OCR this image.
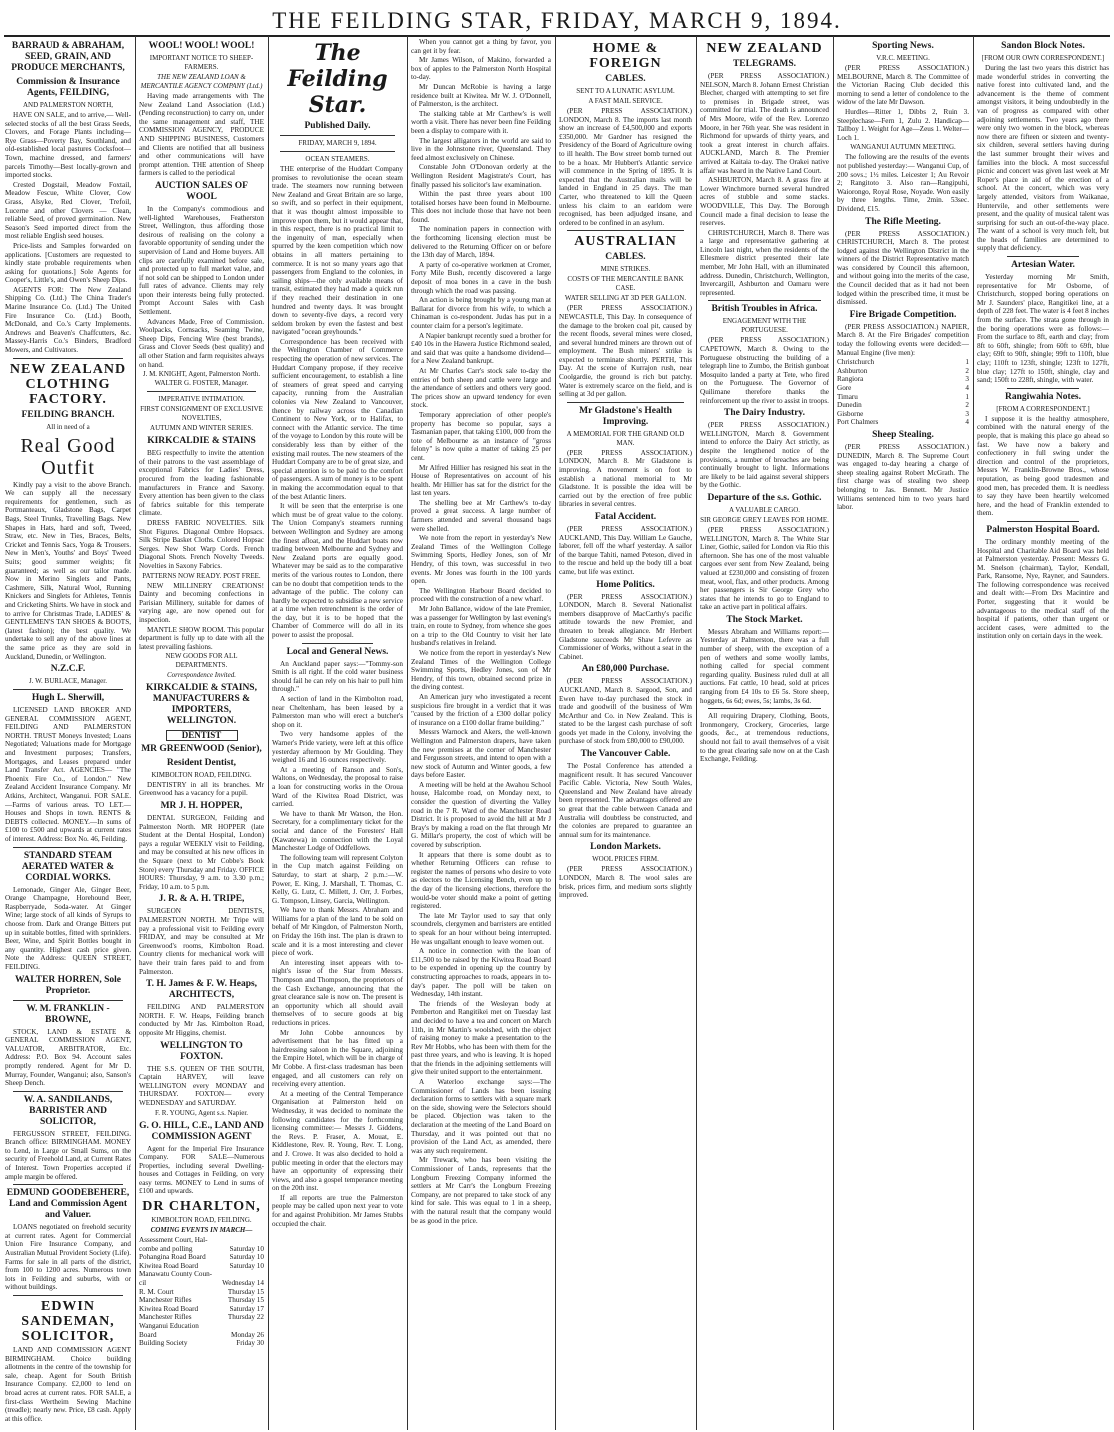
THE FEILDING STAR, FRIDAY, MARCH 9, 1894.
BARRAUD & ABRAHAM, SEED, GRAIN, AND PRODUCE MERCHANTS,
Commission & Insurance Agents, FEILDING,
AND PALMERSTON NORTH,
HAVE ON SALE, and to arrive,— Well-selected stocks of all the best Grass Seeds, Clovers, and Forage Plants including— Rye Grass—Poverty Bay, Southland, and old-established local pastures Cocksfoot—Town, machine dressed, and farmers' parcels Timothy—Best locally-grown and imported stocks.
Crested Dogstail, Meadow Foxtail, Meadow Fescue, White Clover, Cow Grass, Alsyke, Red Clover, Trefoil, Lucerne and other Clovers — Clean, reliable Seed, of proved germination. New Season's Seed imported direct from the most reliable English seed houses.
Price-lists and Samples forwarded on applications. [Customers are requested to kindly state probable requirements when asking for quotations.] Sole Agents for Cooper's, Little's, and Owen's Sheep Dips.
AGENTS FOR: The New Zealand Shipping Co. (Ltd.) The China Trader's Marine Insurance Co. (Ltd.) The United Fire Insurance Co. (Ltd.) Booth, McDonald, and Co.'s Carty Implements. Andrews and Beaven's Chaffcutters, &c. Massey-Harris Co.'s Binders, Bradford Mowers, and Cultivators.
NEW ZEALAND CLOTHING FACTORY.
FEILDING BRANCH.
All in need of a
Real Good Outfit
Kindly pay a visit to the above Branch. We can supply all the necessary requirements for gentlemen, such as Portmanteaux, Gladstone Bags, Carpet Bags, Steel Trunks, Travelling Bags. New Shapes in Hats, hard and soft, Tweed, Straw, etc. New in Ties, Braces, Belts, Cricket and Tennis Sacs, Yoga & Trousers. New in Men's, Youths' and Boys' Tweed Suits; good summer weights; fit guaranteed; as well as our tailor made. Now in Merino Singlets and Pants, Cashmere, Silk, Natural Wool, Running Knickers and Singlets for Athletes, Tennis and Cricketing Shirts. We have in stock and to arrive for Christmas Trade, LADIES' & GENTLEMEN'S TAN SHOES & BOOTS, (latest fashion); the best quality. We undertake to sell any of the above lines at the same price as they are sold in Auckland, Dunedin, or Wellington.
N.Z.C.F.
J. W. BURLACE, Manager.
Hugh L. Sherwill,
LICENSED LAND BROKER AND GENERAL COMMISSION AGENT, FEILDING AND PALMERSTON NORTH. TRUST Moneys Invested; Loans Negotiated; Valuations made for Mortgage and Investment purposes; Transfers, Mortgages, and Leases prepared under Land Transfer Act. AGENCIES— "The Phoenix Fire Co., of London." New Zealand Accident Insurance Company. Mr Atkins, Architect, Wanganui. FOR SALE.—Farms of various areas. TO LET.—Houses and Shops in town. RENTS & DEBTS collected. MONEY.—In sums of £100 to £500 and upwards at current rates of interest. Address: Box No. 46, Feilding.
STANDARD STEAM AERATED WATER & CORDIAL WORKS.
Lemonade, Ginger Ale, Ginger Beer, Orange Champagne, Horehound Beer, Raspberryade, Soda-water. At Ginger Wine; large stock of all kinds of Syrups to choose from. Dark and Orange Bitters put up in suitable bottles, fitted with sprinklers. Beer, Wine, and Spirit Bottles bought in any quantity. Highest cash price given. Note the Address: QUEEN STREET, FEILDING.
WALTER HORREN, Sole Proprietor.
W. M. FRANKLIN - BROWNE,
STOCK, LAND & ESTATE & GENERAL COMMISSION AGENT, VALUATOR, ARBITRATOR, Etc. Address: P.O. Box 94. Account sales promptly rendered. Agent for Mr D. Murray, Founder, Wanganui; also, Sanson's Sheep Dench.
W. A. SANDILANDS, BARRISTER AND SOLICITOR,
FERGUSSON STREET, FEILDING. Branch office: BIRMINGHAM. MONEY to Lend, in Large or Small Sums, on the security of Freehold Land, at Current Rates of Interest. Town Properties accepted if ample margin be offered.
EDMUND GOODEBEHERE, Land and Commission Agent and Valuer.
LOANS negotiated on freehold security at current rates. Agent for Commercial Union Fire Insurance Company, and Australian Mutual Provident Society (Life). Farms for sale in all parts of the district, from 100 to 1200 acres. Numerous town lots in Feilding and suburbs, with or without buildings.
EDWIN SANDEMAN, SOLICITOR,
LAND AND COMMISSION AGENT BIRMINGHAM. Choice building allotments in the centre of the township for sale, cheap. Agent for South British Insurance Company. £2,000 to lend on broad acres at current rates. FOR SALE, a first-class Wertheim Sewing Machine (treadle); nearly new. Price, £8 cash. Apply at this office.
WOOL! WOOL! WOOL!
IMPORTANT NOTICE TO SHEEP-FARMERS.
THE NEW ZEALAND LOAN & MERCANTILE AGENCY COMPANY (Ltd.)
Having made arrangements with The New Zealand Land Association (Ltd.) (Pending reconstruction) to carry on, under the same management and staff, THE COMMISSION AGENCY, PRODUCE AND SHIPPING BUSINESS, Customers and Clients are notified that all business and other communications will have prompt attention. THE attention of Sheep farmers is called to the periodical
AUCTION SALES OF WOOL
In the Company's commodious and well-lighted Warehouses, Featherston Street, Wellington, thus affording those desirous of realising on the colony a favorable opportunity of sending under the supervision of Land and Home buyers. All clips are carefully examined before sale, and protected up to full market value, and if not sold can be shipped to London under full rates of advance. Clients may rely upon their interests being fully protected. Prompt Account Sales with Cash Settlement.
Advances Made, Free of Commission. Woolpacks, Cornsacks, Seaming Twine, Sheep Dips, Fencing Wire (best brands), Grass and Clover Seeds (best quality) and all other Station and farm requisites always on hand.
J. M. KNIGHT, Agent, Palmerston North. WALTER G. FOSTER, Manager.
IMPERATIVE INTIMATION.
FIRST CONSIGNMENT OF EXCLUSIVE NOVELTIES,
AUTUMN AND WINTER SERIES.
KIRKCALDIE & STAINS
BEG respectfully to invite the attention of their patrons to the vast assemblage of exceptional Fabrics for Ladies' Dress, procured from the leading fashionable manufacturers in France and Saxony. Every attention has been given to the class of fabrics suitable for this temperate climate.
DRESS FABRIC NOVELTIES. Silk Shot Figures. Diagonal Ombre Hopsacs. Silk Stripe Basket Cloths. Colored Hopsac Serges. New Shot Warp Cords. French Diagonal Shots. French Novelty Tweeds. Novelties in Saxony Fabrics.
PATTERNS NOW READY. POST FREE.
NEW MILLINERY CREATIONS! Dainty and becoming confections in Parisian Millinery, suitable for dames of varying age, are now opened out for inspection.
MANTLE SHOW ROOM. This popular department is fully up to date with all the latest prevailing fashions.
NEW GOODS FOR ALL DEPARTMENTS.
Correspondence Invited.
KIRKCALDIE & STAINS, MANUFACTURERS & IMPORTERS, WELLINGTON.
DENTIST
MR GREENWOOD (Senior),
Resident Dentist,
KIMBOLTON ROAD, FEILDING.
DENTISTRY in all its branches. Mr Greenwood has a vacancy for a pupil.
MR J. H. HOPPER,
DENTAL SURGEON, Feilding and Palmerston North. MR HOPPER (late Student at the Dental Hospital, London) pays a regular WEEKLY visit to Feilding, and may be consulted at his new offices in the Square (next to Mr Cobbe's Book Store) every Thursday and Friday. OFFICE HOURS: Thursday, 9 a.m. to 3.30 p.m.; Friday, 10 a.m. to 5 p.m.
J. R. & A. H. TRIPE,
SURGEON DENTISTS, PALMERSTON NORTH. Mr Tripe will pay a professional visit to Feilding every FRIDAY, and may be consulted at Mr Greenwood's rooms, Kimbolton Road. Country clients for mechanical work will have their train fares paid to and from Palmerston.
T. H. James & F. W. Heaps, ARCHITECTS,
FEILDING AND PALMERSTON NORTH. F. W. Heaps, Feilding branch conducted by Mr Jas. Kimbolton Road, opposite Mr Higgins, chemist.
WELLINGTON TO FOXTON.
THE S.S. QUEEN OF THE SOUTH, Captain HARVEY, will leave WELLINGTON every MONDAY and THURSDAY. FOXTON— every WEDNESDAY and SATURDAY.
F. R. YOUNG, Agent s.s. Napier.
G. O. HILL, C.E., LAND AND COMMISSION AGENT
Agent for the Imperial Fire Insurance Company. FOR SALE—Numerous Properties, including several Dwelling-houses and Cottages in Feilding, on very easy terms. MONEY to Lend in sums of £100 and upwards.
DR CHARLTON,
KIMBOLTON ROAD, FEILDING.
COMING EVENTS IN MARCH—
Assessment Court, Hal-
combe and polling	Saturday 10
Pohangina Road Board	Saturday 10
Kiwitea Road Board	Saturday 10
Manawatu County Coun-
cil	Wednesday 14
R. M. Court	Thursday 15
Manchester Rifles	Thursday 15
Kiwitea Road Board	Saturday 17
Manchester Rifles	Thursday 22
Wanganui Education
Board	Monday 26
Building Society	Friday 30
The Feilding Star.
Published Daily.
FRIDAY, MARCH 9, 1894.
OCEAN STEAMERS.
THE enterprise of the Huddart Company promises to revolutionise the ocean steam trade. The steamers now running between New Zealand and Great Britain are so large, so swift, and so perfect in their equipment, that it was thought almost impossible to improve upon them, but it would appear that, in this respect, there is no practical limit to the ingenuity of man, especially when spurred by the keen competition which now obtains in all matters pertaining to commerce. It is not so many years ago that passengers from England to the colonies, in sailing ships—the only available means of transit, estimated they had made a quick run if they reached their destination in one hundred and twenty days. It was brought down to seventy-five days, a record very seldom broken by even the fastest and best navigated "ocean greyhounds."
Correspondence has been received with the Wellington Chamber of Commerce respecting the operation of new services. The Huddart Company propose, if they receive sufficient encouragement, to establish a line of steamers of great speed and carrying capacity, running from the Australian colonies via New Zealand to Vancouver, thence by railway across the Canadian Continent to New York, or to Halifax, to connect with the Atlantic service. The time of the voyage to London by this route will be considerably less than by either of the existing mail routes. The new steamers of the Huddart Company are to be of great size, and special attention is to be paid to the comfort of passengers. A sum of money is to be spent in making the accommodation equal to that of the best Atlantic liners.
It will be seen that the enterprise is one which must be of great value to the colony. The Union Company's steamers running between Wellington and Sydney are among the finest afloat, and the Huddart boats now trading between Melbourne and Sydney and New Zealand ports are equally good. Whatever may be said as to the comparative merits of the various routes to London, there can be no doubt that competition tends to the advantage of the public. The colony can hardly be expected to subsidise a new service at a time when retrenchment is the order of the day, but it is to be hoped that the Chamber of Commerce will do all in its power to assist the proposal.
Local and General News.
An Auckland paper says:—"Tommy-son Smith is all right. If the cold water business should fail he can rely on his hair to pull him through."
A section of land in the Kimbolton road, near Cheltenham, has been leased by a Palmerston man who will erect a butcher's shop on it.
Two very handsome apples of the Warner's Pride variety, were left at this office yesterday afternoon by Mr Goulding. They weighed 16 and 16 ounces respectively.
At a meeting of Ranson and Son's, Waltons, on Wednesday, the proposal to raise a loan for constructing works in the Oroua Ward of the Kiwitea Road District, was carried.
We have to thank Mr Watson, the Hon. Secretary, for a complimentary ticket for the social and dance of the Foresters' Hall (Kawatewa) in connection with the Loyal Manchester Lodge of Oddfellows.
The following team will represent Colyton in the Cup match against Feilding on Saturday, to start at sharp, 2 p.m.:—W. Power, E. King, J. Marshall, T. Thomas, C. Kelly, G. Lutz, C. Millett, J. Orr, J. Forbes, G. Tompson, Linsey, Garcia, Wellington.
We have to thank Messrs. Abraham and Williams for a plan of the land to be sold on behalf of Mr Kingdon, of Palmerston North, on Friday the 16th inst. The plan is drawn to scale and it is a most interesting and clever piece of work.
An interesting inset appears with to-night's issue of the Star from Messrs. Thompson and Thompson, the proprietors of the Cash Exchange, announcing that the great clearance sale is now on. The present is an opportunity which all should avail themselves of to secure goods at big reductions in prices.
Mr John Cobbe announces by advertisement that he has fitted up a hairdressing saloon in the Square, adjoining the Empire Hotel, which will be in charge of Mr Cobbe. A first-class tradesman has been engaged, and all customers can rely on receiving every attention.
At a meeting of the Central Temperance Organisation at Palmerston held on Wednesday, it was decided to nominate the following candidates for the forthcoming licensing committee:— Messrs J. Giddens, the Revs. P. Fraser, A. Mouat, E. Kiddlestone, Rev. R. Young, Rev. T. Long, and J. Crowe. It was also decided to hold a public meeting in order that the electors may have an opportunity of expressing their views, and also a gospel temperance meeting on the 20th inst.
If all reports are true the Palmerston people may be called upon next year to vote for and against Prohibition. Mr James Stubbs occupied the chair.
When you cannot get a thing by favor, you can get it by fear.
Mr James Wilson, of Makino, forwarded a box of apples to the Palmerston North Hospital to-day.
Mr Duncan McRobie is having a large residence built at Kiwitea. Mr W. J. O'Donnell, of Palmerston, is the architect.
The stalking table at Mr Carthew's is well worth a visit. There has never been fine Feilding been a display to compare with it.
The largest alligators in the world are said to live in the Johnstone river, Queensland. They feed almost exclusively on Chinese.
Constable John O'Donovan orderly at the Wellington Resident Magistrate's Court, has finally passed his solicitor's law examination.
Within the past three years about 100 totalised horses have been found in Melbourne. This does not include those that have not been found.
The nomination papers in connection with the forthcoming licensing election must be delivered to the Returning Officer on or before the 13th day of March, 1894.
A party of co-operative workmen at Cromer, Forty Mile Bush, recently discovered a large deposit of moa bones in a cave in the bush through which the road was passing.
An action is being brought by a young man at Ballarat for divorce from his wife, to which a Chinaman is co-respondent. Judas has put in a counter claim for a person's legitimate.
A Napier bankrupt recently sued a brother for £40 10s in the Hawera Justice Richmond sealed, and said that was quite a handsome dividend—for a New Zealand bankrupt.
At Mr Charles Carr's stock sale to-day the entries of both sheep and cattle were large and the attendance of settlers and others very good. The prices show an upward tendency for even stock.
Temporary appreciation of other people's property has become so popular, says a Tasmanian paper, that taking £100, 000 from the tote of Melbourne as an instance of "gross felony" is now quite a matter of taking 25 per cent.
Mr Alfred Hillier has resigned his seat in the House of Representatives on account of his health. Mr Hillier has sat for the district for the last ten years.
The shelling bee at Mr Carthew's to-day proved a great success. A large number of farmers attended and several thousand bags were shelled.
We note from the report in yesterday's New Zealand Times of the Wellington College Swimming Sports, Hedley Jones, son of Mr Hendry, of this town, was successful in two events. Mr Jones was fourth in the 100 yards open.
The Wellington Harbour Board decided to proceed with the construction of a new wharf.
Mr John Ballance, widow of the late Premier, was a passenger for Wellington by last evening's train, en route to Sydney, from whence she goes on a trip to the Old Country to visit her late husband's relatives in Ireland.
We notice from the report in yesterday's New Zealand Times of the Wellington College Swimming Sports, Hedley Jones, son of Mr Hendry, of this town, obtained second prize in the diving contest.
An American jury who investigated a recent suspicious fire brought in a verdict that it was "caused by the friction of a £300 dollar policy of insurance on a £100 dollar frame building."
Messrs Warnock and Akers, the well-known Wellington and Palmerston drapers, have taken the new premises at the corner of Manchester and Fergusson streets, and intend to open with a new stock of Autumn and Winter goods, a few days before Easter.
A meeting will be held at the Awahou School house, Halcombe road, on Monday next, to consider the question of diverting the Valley road in the 7 R. Ward of the Manchester Road District. It is proposed to avoid the hill at Mr J Bray's by making a road on the flat through Mr G. Millar's property, the cost of which will be covered by subscription.
It appears that there is some doubt as to whether Returning Officers can refuse to register the names of persons who desire to vote as electors to the Licensing Bench, even up to the day of the licensing elections, therefore the would-be voter should make a point of getting registered.
The late Mr Taylor used to say that only scoundrels, clergymen and barristers are entitled to speak for an hour without being interrupted. He was ungallant enough to leave women out.
A notice in connection with the loan of £11,500 to be raised by the Kiwitea Road Board to be expended in opening up the country by constructing approaches to roads, appears in to-day's paper. The poll will be taken on Wednesday, 14th instant.
The friends of the Wesleyan body at Pemberton and Rangitikei met on Tuesday last and decided to have a tea and concert on March 11th, in Mr Martin's woolshed, with the object of raising money to make a presentation to the Rev Mr Hobbs, who has been with them for the past three years, and who is leaving. It is hoped that the friends in the adjoining settlements will give their united support to the entertainment.
A Waterloo exchange says:—The Commissioner of Lands has been issuing declaration forms to settlers with a square mark on the side, showing were the Selectors should be placed. Objection was taken to the declaration at the meeting of the Land Board on Thursday, and it was pointed out that no provision of the Land Act, as amended, there was any such requirement.
Mr Trewark, who has been visiting the Commissioner of Lands, represents that the Longburn Freezing Company informed the settlers at Mr Carr's the Longburn Freezing Company, are not prepared to take stock of any kind for sale. This was equal to 1 in a sheep, with the natural result that the company would be as good in the price.
HOME & FOREIGN
CABLES.
SENT TO A LUNATIC ASYLUM.
A FAST MAIL SERVICE.
(PER PRESS ASSOCIATION.) LONDON, March 8. The imports last month show an increase of £4,500,000 and exports £350,000. Mr Gardner has resigned the Presidency of the Board of Agriculture owing to ill health. The Bow street bomb turned out to be a hoax. Mr Hubbert's Atlantic service will commence in the Spring of 1895. It is expected that the Australian mails will be landed in England in 25 days. The man Carter, who threatened to kill the Queen unless his claim to an earldom were recognised, has been adjudged insane, and ordered to be confined in an asylum.
AUSTRALIAN
CABLES.
MINE STRIKES.
COSTS OF THE MERCANTILE BANK CASE.
WATER SELLING AT 3D PER GALLON.
(PER PRESS ASSOCIATION.) NEWCASTLE, This Day. In consequence of the damage to the broken coal pit, caused by the recent floods, several mines were closed, and several hundred miners are thrown out of employment. The Bush miners' strike is expected to terminate shortly. PERTH, This Day. At the scene of Kurrajon rush, near Coolgardie, the ground is rich but patchy. Water is extremely scarce on the field, and is selling at 3d per gallon.
Mr Gladstone's Health Improving.
A MEMORIAL FOR THE GRAND OLD MAN.
(PER PRESS ASSOCIATION.) LONDON, March 8. Mr Gladstone is improving. A movement is on foot to establish a national memorial to Mr Gladstone. It is possible the idea will be carried out by the erection of free public libraries in several centres.
Fatal Accident.
(PER PRESS ASSOCIATION.) AUCKLAND, This Day. William Le Gauche, laborer, fell off the wharf yesterday. A sailor of the barque Tahiti, named Peteson, dived in to the rescue and held up the body till a boat came, but life was extinct.
Home Politics.
(PER PRESS ASSOCIATION.) LONDON, March 8. Several Nationalist members disapprove of MacCarthy's pacific attitude towards the new Premier, and threaten to break allegiance. Mr Herbert Gladstone succeeds Mr Shaw Lefevre as Commissioner of Works, without a seat in the Cabinet.
An £80,000 Purchase.
(PER PRESS ASSOCIATION.) AUCKLAND, March 8. Sargood, Son, and Ewen have to-day purchased the stock in trade and goodwill of the business of Wm McArthur and Co. in New Zealand. This is stated to be the largest cash purchase of soft goods yet made in the Colony, involving the purchase of stock from £80,000 to £90,000.
The Vancouver Cable.
The Postal Conference has attended a magnificent result. It has secured Vancouver Pacific Cable. Victoria, New South Wales, Queensland and New Zealand have already been represented. The advantages offered are so great that the cable between Canada and Australia will doubtless be constructed, and the colonies are prepared to guarantee an annual sum for its maintenance.
London Markets.
WOOL PRICES FIRM.
(PER PRESS ASSOCIATION.) LONDON, March 8. The wool sales are brisk, prices firm, and medium sorts slightly improved.
NEW ZEALAND
TELEGRAMS.
(PER PRESS ASSOCIATION.) NELSON, March 8. Johann Ernest Christian Blecher, charged with attempting to set fire to premises in Brigade street, was committed for trial. The death is announced of Mrs Moore, wife of the Rev. Lorenzo Moore, in her 76th year. She was resident in Richmond for upwards of thirty years, and took a great interest in church affairs. AUCKLAND, March 8. The Premier arrived at Kaitaia to-day. The Orakei native affair was heard in the Native Land Court.
ASHBURTON, March 8. A grass fire at Lower Winchmore burned several hundred acres of stubble and some stacks. WOODVILLE, This Day. The Borough Council made a final decision to lease the reserves.
CHRISTCHURCH, March 8. There was a large and representative gathering at Lincoln last night, when the residents of the Ellesmere district presented their late member, Mr John Hall, with an illuminated address. Dunedin, Christchurch, Wellington, Invercargill, Ashburton and Oamaru were represented.
British Troubles in Africa.
ENGAGEMENT WITH THE PORTUGUESE.
(PER PRESS ASSOCIATION.) CAPETOWN, March 8. Owing to the Portuguese obstructing the building of a telegraph line to Zumbo, the British gunboat Mosquito landed a party at Tete, who fired on the Portuguese. The Governor of Quilimane therefore thanks the reinforcement up the river to assist in troops.
The Dairy Industry.
(PER PRESS ASSOCIATION.) WELLINGTON, March 8. Government intend to enforce the Dairy Act strictly, as despite the lengthened notice of the provisions, a number of breaches are being continually brought to light. Informations are likely to be laid against several shippers by the Gothic.
Departure of the s.s. Gothic.
A VALUABLE CARGO.
SIR GEORGE GREY LEAVES FOR HOME.
(PER PRESS ASSOCIATION.) WELLINGTON, March 8. The White Star Liner, Gothic, sailed for London via Rio this afternoon. She has one of the most valuable cargoes ever sent from New Zealand, being valued at £230,000 and consisting of frozen meat, wool, flax, and other products. Among her passengers is Sir George Grey who states that he intends to go to England to take an active part in political affairs.
The Stock Market.
Messrs Abraham and Williams report:—Yesterday at Palmerston, there was a full number of sheep, with the exception of a pen of wethers and some woolly lambs, nothing called for special comment regarding quality. Business ruled dull at all auctions. Fat cattle, 10 head, sold at prices ranging from £4 10s to £6 5s. Store sheep, hoggets, 6s 6d; ewes, 5s; lambs, 3s 6d.
All requiring Drapery, Clothing, Boots, Ironmongery, Crockery, Groceries, large goods, &c., at tremendous reductions, should not fail to avail themselves of a visit to the great clearing sale now on at the Cash Exchange, Feilding.
Sporting News.
V.R.C. MEETING.
(PER PRESS ASSOCIATION.) MELBOURNE, March 8. The Committee of the Victorian Racing Club decided this morning to send a letter of condolence to the widow of the late Mr Dawson.
Hurdles—Ritter 1, Dibbs 2, Ruin 3. Steeplechase—Fern 1, Zulu 2. Handicap—Tallboy 1. Weight for Age—Zeus 1. Welter—Loch 1.
WANGANUI AUTUMN MEETING.
The following are the results of the events not published yesterday:— Wanganui Cup, of 200 sovs.; 1½ miles. Leicester 1; Au Revoir 2; Rangitoto 3. Also ran—Rangipuhi, Waiorongo, Royal Rose, Noyade. Won easily by three lengths. Time, 2min. 53sec. Dividend, £15.
The Rifle Meeting.
(PER PRESS ASSOCIATION.) CHRISTCHURCH, March 8. The protest lodged against the Wellington District in the winners of the District Representative match was considered by Council this afternoon, and without going into the merits of the case, the Council decided that as it had not been lodged within the prescribed time, it must be dismissed.
Fire Brigade Competition.
(PER PRESS ASSOCIATION.) NAPIER, March 8. At the Fire Brigades' competition today the following events were decided:— Manual Engine (five men):
Christchurch	1
Ashburton	2
Rangiora	3
Gore	4
Timaru	1
Dunedin	2
Gisborne	3
Port Chalmers	4
Sheep Stealing.
(PER PRESS ASSOCIATION.) DUNEDIN, March 8. The Supreme Court was engaged to-day hearing a charge of sheep stealing against Robert McGrath. The first charge was of stealing two sheep belonging to Jas. Bennett. Mr Justice Williams sentenced him to two years hard labor.
Sandon Block Notes.
[FROM OUR OWN CORRESPONDENT.]
During the last two years this district has made wonderful strides in converting the native forest into cultivated land, and the advancement is the theme of comment amongst visitors, it being undoubtedly in the van of progress as compared with other adjoining settlements. Two years ago there were only two women in the block, whereas now there are fifteen or sixteen and twenty-six children, several settlers having during the last summer brought their wives and families into the block. A most successful picnic and concert was given last week at Mr Roper's place in aid of the erection of a school. At the concert, which was very largely attended, visitors from Waikanae, Huntervile, and other settlements were present, and the quality of musical talent was surprising for such an out-of-the-way place. The want of a school is very much felt, but the heads of families are determined to supply that deficiency.
Artesian Water.
Yesterday morning Mr Smith, representative for Mr Osborne, of Christchurch, stopped boring operations on Mr J. Saunders' place, Rangitikei line, at a depth of 228 feet. The water is 4 feet 8 inches from the surface. The strata gone through in the boring operations were as follows:—From the surface to 8ft, earth and clay; from 8ft to 60ft, shingle; from 60ft to 69ft, blue clay; 69ft to 90ft, shingle; 99ft to 110ft, blue clay; 110ft to 123ft, shingle; 123ft to 127ft, blue clay; 127ft to 150ft, shingle, clay and sand; 150ft to 228ft, shingle, with water.
Rangiwahia Notes.
[FROM A CORRESPONDENT.]
I suppose it is the healthy atmosphere, combined with the natural energy of the people, that is making this place go ahead so fast. We have now a bakery and confectionery in full swing under the direction and control of the proprietors, Messrs W. Franklin-Browne Bros., whose reputation, as being good tradesmen and good men, has preceded them. It is needless to say they have been heartily welcomed here, and the head of Franklin extended to them.
Palmerston Hospital Board.
The ordinary monthly meeting of the Hospital and Charitable Aid Board was held at Palmerston yesterday. Present: Messrs G. M. Snelson (chairman), Taylor, Kendall, Park, Ransome, Nye, Rayner, and Saunders. The following correspondence was received and dealt with:—From Drs Macintire and Porter, suggesting that it would be advantageous to the medical staff of the hospital if patients, other than urgent or accident cases, were admitted to the institution only on certain days in the week.
